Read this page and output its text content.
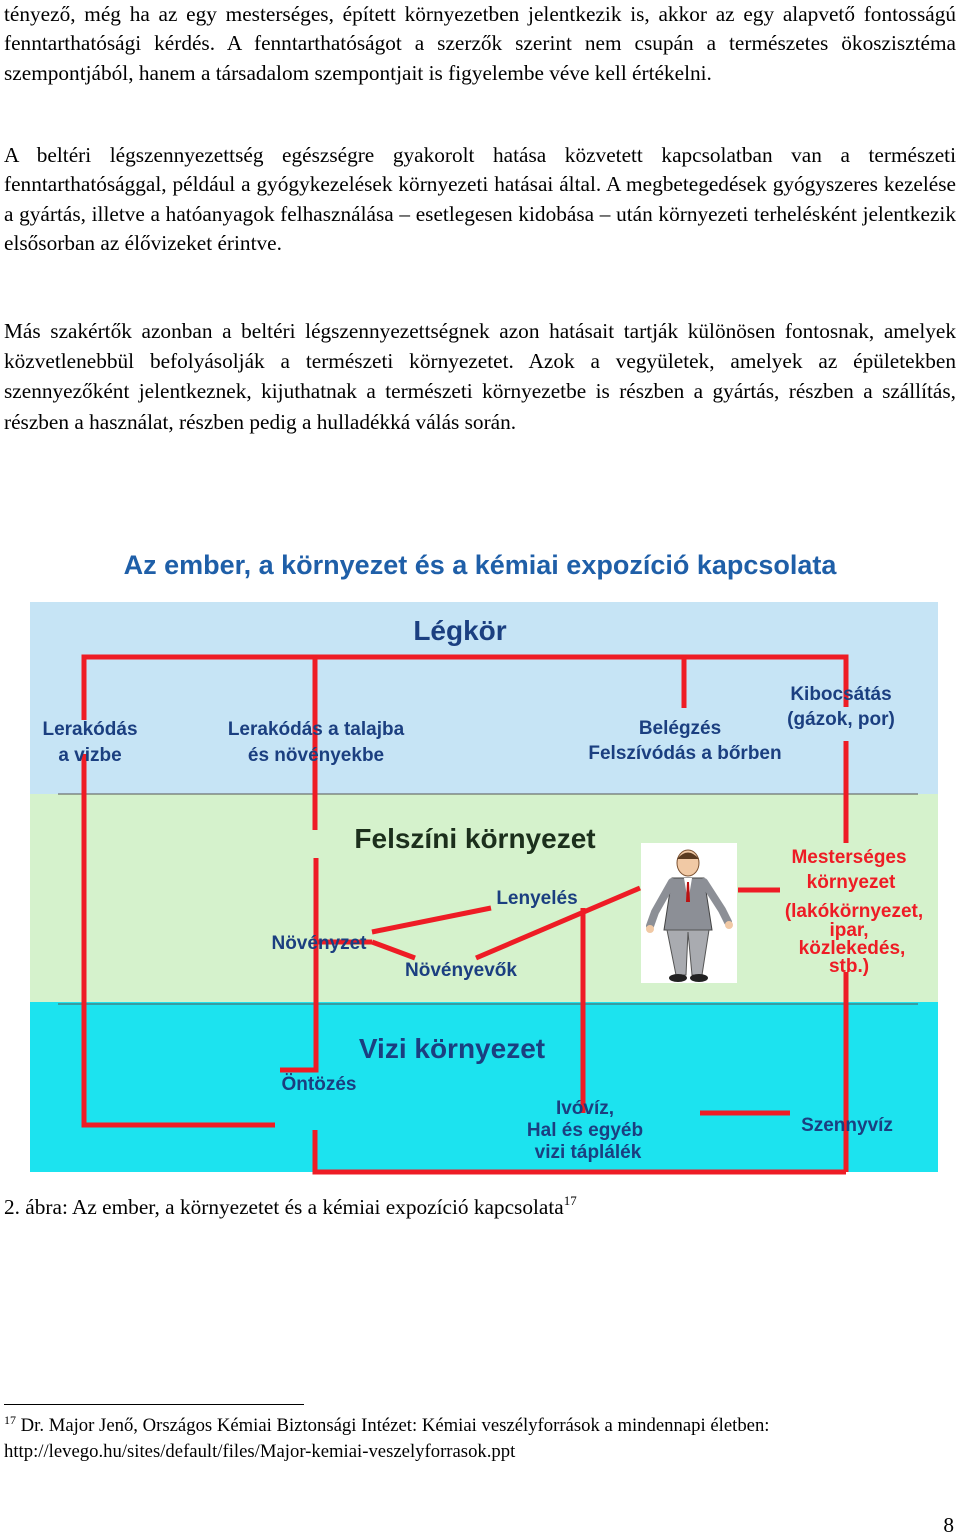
tényező, még ha az egy mesterséges, épített környezetben jelentkezik is, akkor az egy alapvető fontosságú fenntarthatósági kérdés. A fenntarthatóságot a szerzők szerint nem csupán a természetes ökoszisztéma szempontjából, hanem a társadalom szempontjait is figyelembe véve kell értékelni.

A beltéri légszennyezettség egészségre gyakorolt hatása közvetett kapcsolatban van a természeti fenntarthatósággal, például a gyógykezelések környezeti hatásai által. A megbetegedések gyógyszeres kezelése a gyártás, illetve a hatóanyagok felhasználása – esetlegesen kidobása – után környezeti terhelésként jelentkezik elsősorban az élővizeket érintve.

Más szakértők azonban a beltéri légszennyezettségnek azon hatásait tartják különösen fontosnak, amelyek közvetlenebbül befolyásolják a természeti környezetet. Azok a vegyületek, amelyek az épületekben szennyezőként jelentkeznek, kijuthatnak a természeti környezetbe is részben a gyártás, részben a szállítás, részben a használat, részben pedig a hulladékká válás során.

Az ember, a környezet és a kémiai expozíció kapcsolata
Légkör
Felszíni környezet
Vizi környezet
Lerakódás
a vizbe
Lerakódás a talajba
és növényekbe
Belégzés
Felszívódás a bőrben
Kibocsátás
(gázok, por)
Lenyelés
Növényzet
Növényevők
Öntözés
Ivóvíz,
Hal és egyéb
vizi táplálék
Szennyvíz
Mesterséges
környezet
(lakókörnyezet,
ipar,
közlekedés,
stb.)

2. ábra: Az ember, a környezetet és a kémiai expozíció kapcsolata$^{17}$

$^{17}$ Dr. Major Jenő, Országos Kémiai Biztonsági Intézet: Kémiai veszélyforrások a mindennapi életben:
http://levego.hu/sites/default/files/Major-kemiai-veszelyforrasok.ppt

8
